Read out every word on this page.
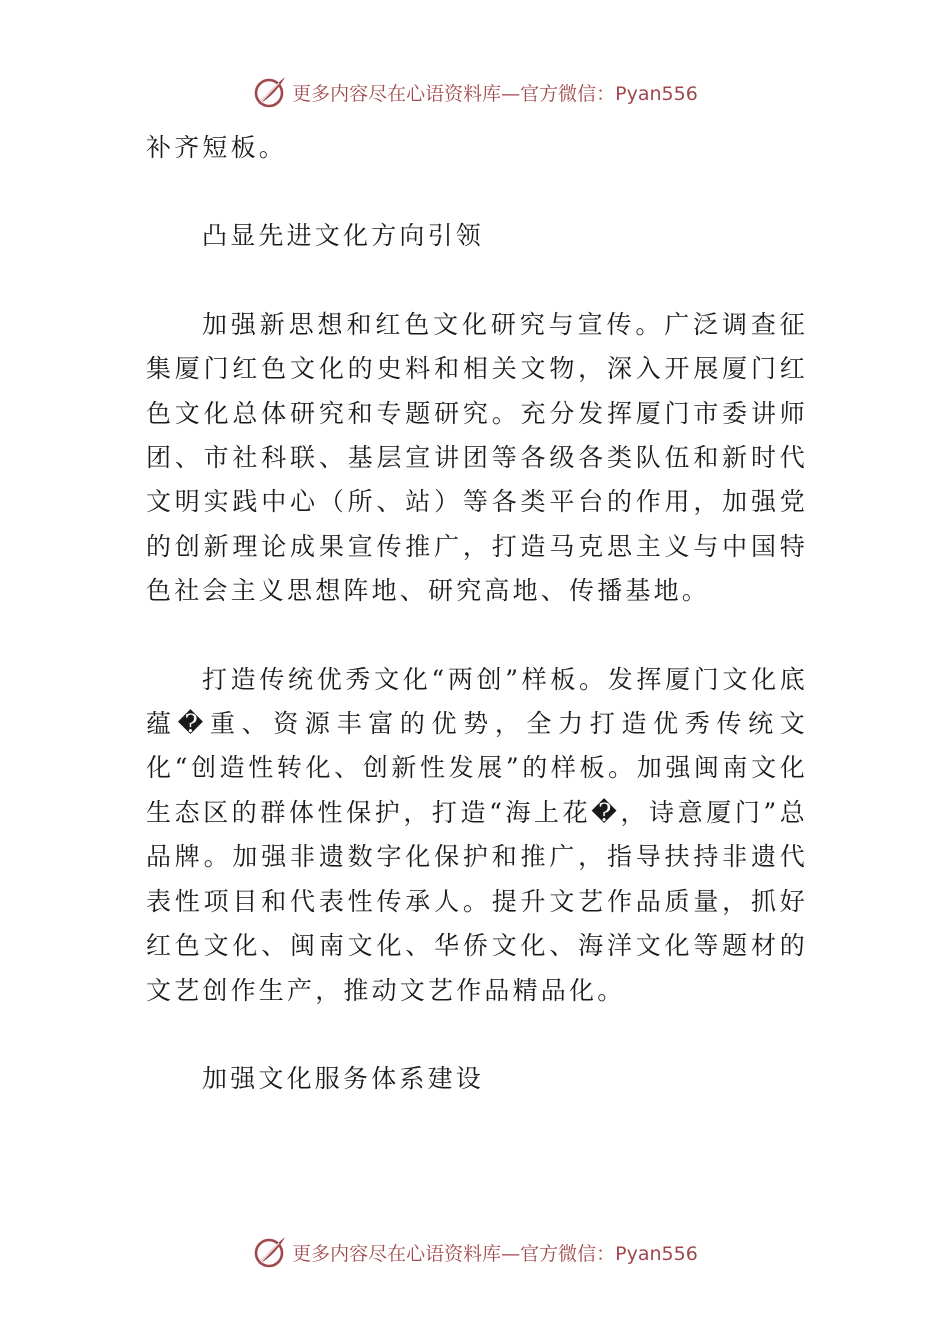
更多内容尽在心语资料库—官方微信：Pyan556

补齐短板。

凸显先进文化方向引领

加强新思想和红色文化研究与宣传。广泛调查征集厦门红色文化的史料和相关文物，深入开展厦门红色文化总体研究和专题研究。充分发挥厦门市委讲师团、市社科联、基层宣讲团等各级各类队伍和新时代文明实践中心（所、站）等各类平台的作用，加强党的创新理论成果宣传推广，打造马克思主义与中国特色社会主义思想阵地、研究高地、传播基地。

打造传统优秀文化“两创”样板。发挥厦门文化底蕴�重、资源丰富的优势，全力打造优秀传统文化“创造性转化、创新性发展”的样板。加强闽南文化生态区的群体性保护，打造“海上花�，诗意厦门”总品牌。加强非遗数字化保护和推广，指导扶持非遗代表性项目和代表性传承人。提升文艺作品质量，抓好红色文化、闽南文化、华侨文化、海洋文化等题材的文艺创作生产，推动文艺作品精品化。

加强文化服务体系建设

更多内容尽在心语资料库—官方微信：Pyan556
